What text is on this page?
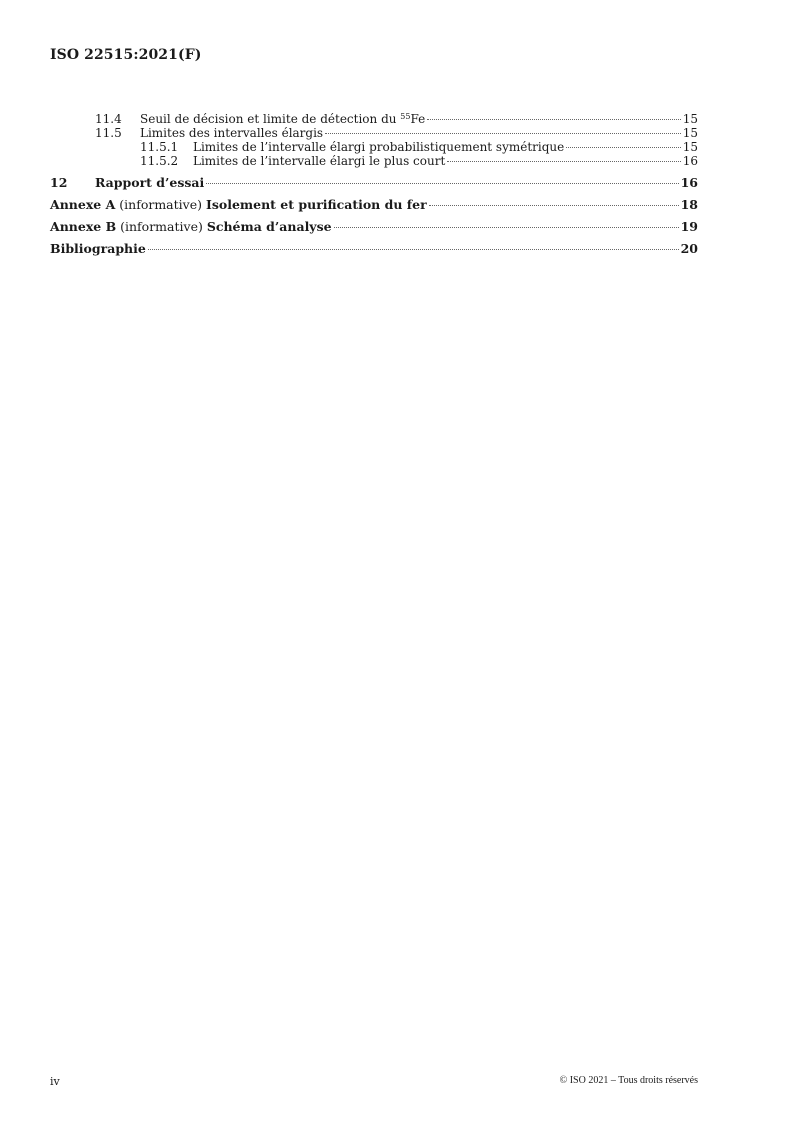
ISO 22515:2021(F)
11.4	Seuil de décision et limite de détection du $^{55}$Fe	15
11.5	Limites des intervalles élargis	15
11.5.1	Limites de l’intervalle élargi probabilistiquement symétrique	15
11.5.2	Limites de l’intervalle élargi le plus court	16
12	Rapport d’essai	16
Annexe A (informative) Isolement et purification du fer	18
Annexe B (informative) Schéma d’analyse	19
Bibliographie	20
iv	© ISO 2021 – Tous droits réservés
